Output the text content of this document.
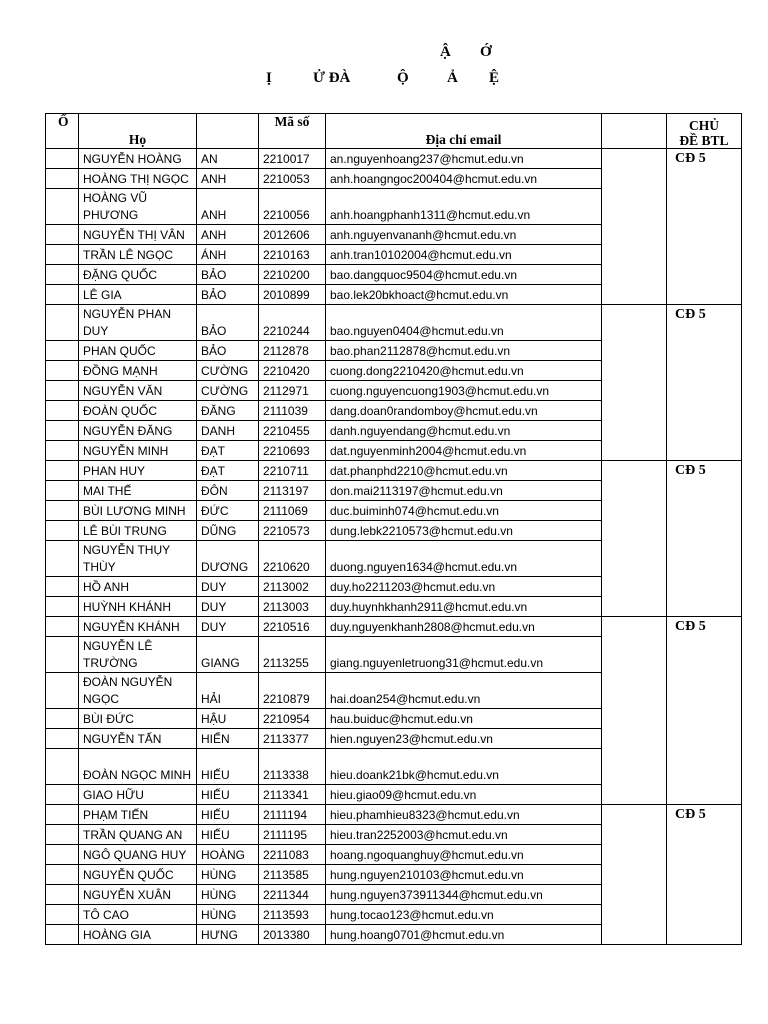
Ậ Ớ
Ị	Ử ĐÀ	Ộ	Ả Ệ
Ố	Họ		Mã số	Địa chỉ email		CHỦ
ĐỀ BTL

	NGUYỄN HOÀNG	AN	2210017	an.nguyenhoang237@hcmut.edu.vn		CĐ 5
	HOÀNG THỊ NGỌC	ANH	2210053	anh.hoangngoc200404@hcmut.edu.vn		
	HOÀNG VŨ PHƯƠNG	ANH	2210056	anh.hoangphanh1311@hcmut.edu.vn		
	NGUYỄN THỊ VÂN	ANH	2012606	anh.nguyenvananh@hcmut.edu.vn		
	TRẦN LÊ NGỌC	ÁNH	2210163	anh.tran10102004@hcmut.edu.vn		
	ĐẶNG QUỐC	BẢO	2210200	bao.dangquoc9504@hcmut.edu.vn		
	LÊ GIA	BẢO	2010899	bao.lek20bkhoact@hcmut.edu.vn		
	NGUYỄN PHAN DUY	BẢO	2210244	bao.nguyen0404@hcmut.edu.vn		CĐ 5
	PHAN QUỐC	BẢO	2112878	bao.phan2112878@hcmut.edu.vn		
	ĐỒNG MẠNH	CƯỜNG	2210420	cuong.dong2210420@hcmut.edu.vn		
	NGUYỄN VĂN	CƯỜNG	2112971	cuong.nguyencuong1903@hcmut.edu.vn		
	ĐOÀN QUỐC	ĐĂNG	2111039	dang.doan0randomboy@hcmut.edu.vn		
	NGUYỄN ĐĂNG	DANH	2210455	danh.nguyendang@hcmut.edu.vn		
	NGUYỄN MINH	ĐẠT	2210693	dat.nguyenminh2004@hcmut.edu.vn		
	PHAN HUY	ĐẠT	2210711	dat.phanphd2210@hcmut.edu.vn		CĐ 5
	MAI THẾ	ĐÔN	2113197	don.mai2113197@hcmut.edu.vn		
	BÙI LƯƠNG MINH	ĐỨC	2111069	duc.buiminh074@hcmut.edu.vn		
	LÊ BÙI TRUNG	DŨNG	2210573	dung.lebk2210573@hcmut.edu.vn		
	NGUYỄN THỤY THÙY	DƯƠNG	2210620	duong.nguyen1634@hcmut.edu.vn		
	HỒ ANH	DUY	2113002	duy.ho2211203@hcmut.edu.vn		
	HUỲNH KHÁNH	DUY	2113003	duy.huynhkhanh2911@hcmut.edu.vn		
	NGUYỄN KHÁNH	DUY	2210516	duy.nguyenkhanh2808@hcmut.edu.vn		CĐ 5
	NGUYỄN LÊ TRƯỜNG	GIANG	2113255	giang.nguyenletruong31@hcmut.edu.vn		
	ĐOÀN NGUYỄN NGỌC	HẢI	2210879	hai.doan254@hcmut.edu.vn		
	BÙI ĐỨC	HẬU	2210954	hau.buiduc@hcmut.edu.vn		
	NGUYỄN TẤN	HIỂN	2113377	hien.nguyen23@hcmut.edu.vn		
	ĐOÀN NGỌC MINH	HIẾU	2113338	hieu.doank21bk@hcmut.edu.vn		
	GIAO HỮU	HIẾU	2113341	hieu.giao09@hcmut.edu.vn		
	PHẠM TIẾN	HIẾU	2111194	hieu.phamhieu8323@hcmut.edu.vn		CĐ 5
	TRẦN QUANG AN	HIẾU	2111195	hieu.tran2252003@hcmut.edu.vn		
	NGÔ QUANG HUY	HOÀNG	2211083	hoang.ngoquanghuy@hcmut.edu.vn		
	NGUYỄN QUỐC	HÙNG	2113585	hung.nguyen210103@hcmut.edu.vn		
	NGUYỄN XUÂN	HÙNG	2211344	hung.nguyen373911344@hcmut.edu.vn		
	TÔ CAO	HÙNG	2113593	hung.tocao123@hcmut.edu.vn		
	HOÀNG GIA	HƯNG	2013380	hung.hoang0701@hcmut.edu.vn		
